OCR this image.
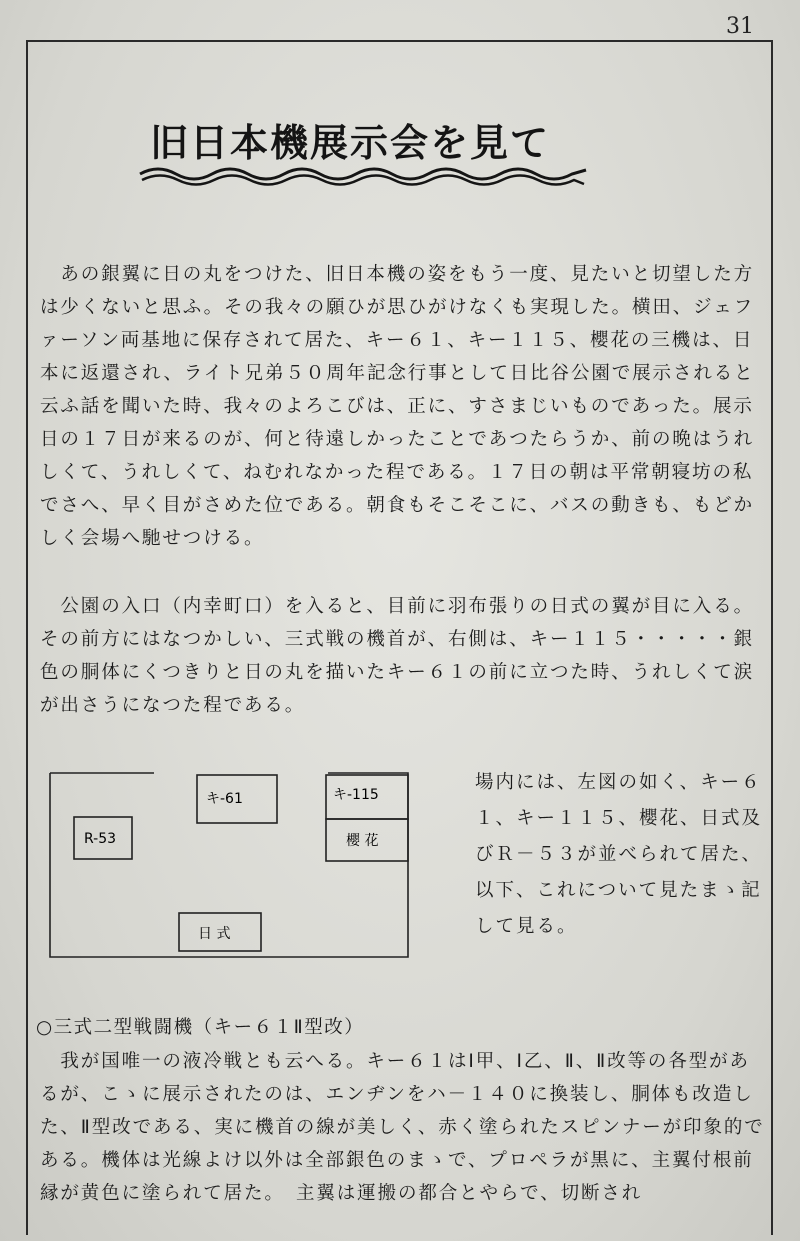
31
旧日本機展示会を見て

　あの銀翼に日の丸をつけた、旧日本機の姿をもう一度、見たいと切望した方は少くないと思ふ。その我々の願ひが思ひがけなくも実現した。横田、ジェファーソン両基地に保存されて居た、キー６１、キー１１５、櫻花の三機は、日本に返還され、ライト兄弟５０周年記念行事として日比谷公園で展示されると云ふ話を聞いた時、我々のよろこびは、正に、すさまじいものであった。展示日の１７日が来るのが、何と待遠しかったことであつたらうか、前の晩はうれしくて、うれしくて、ねむれなかった程である。１７日の朝は平常朝寝坊の私でさへ、早く目がさめた位である。朝食もそこそこに、バスの動きも、もどかしく会場へ馳せつける。

　公園の入口（内幸町口）を入ると、目前に羽布張りの日式の翼が目に入る。その前方にはなつかしい、三式戦の機首が、右側は、キー１１５・・・・・銀色の胴体にくつきりと日の丸を描いたキー６１の前に立つた時、うれしくて涙が出さうになつた程である。

R-53
キ-61	キ-115
櫻 花
日 式

場内には、左図の如く、キー６１、キー１１５、櫻花、日式及びＲ－５３が並べられて居た、以下、これについて見たまゝ記して見る。

○三式二型戦闘機（キー６１Ⅱ型改）

　我が国唯一の液冷戦とも云へる。キー６１はⅠ甲、Ⅰ乙、Ⅱ、Ⅱ改等の各型があるが、こゝに展示されたのは、エンヂンをハ－１４０に換装し、胴体も改造した、Ⅱ型改である、実に機首の線が美しく、赤く塗られたスピンナーが印象的である。機体は光線よけ以外は全部銀色のまゝで、プロペラが黒に、主翼付根前縁が黄色に塗られて居た。　主翼は運搬の都合とやらで、切断され
